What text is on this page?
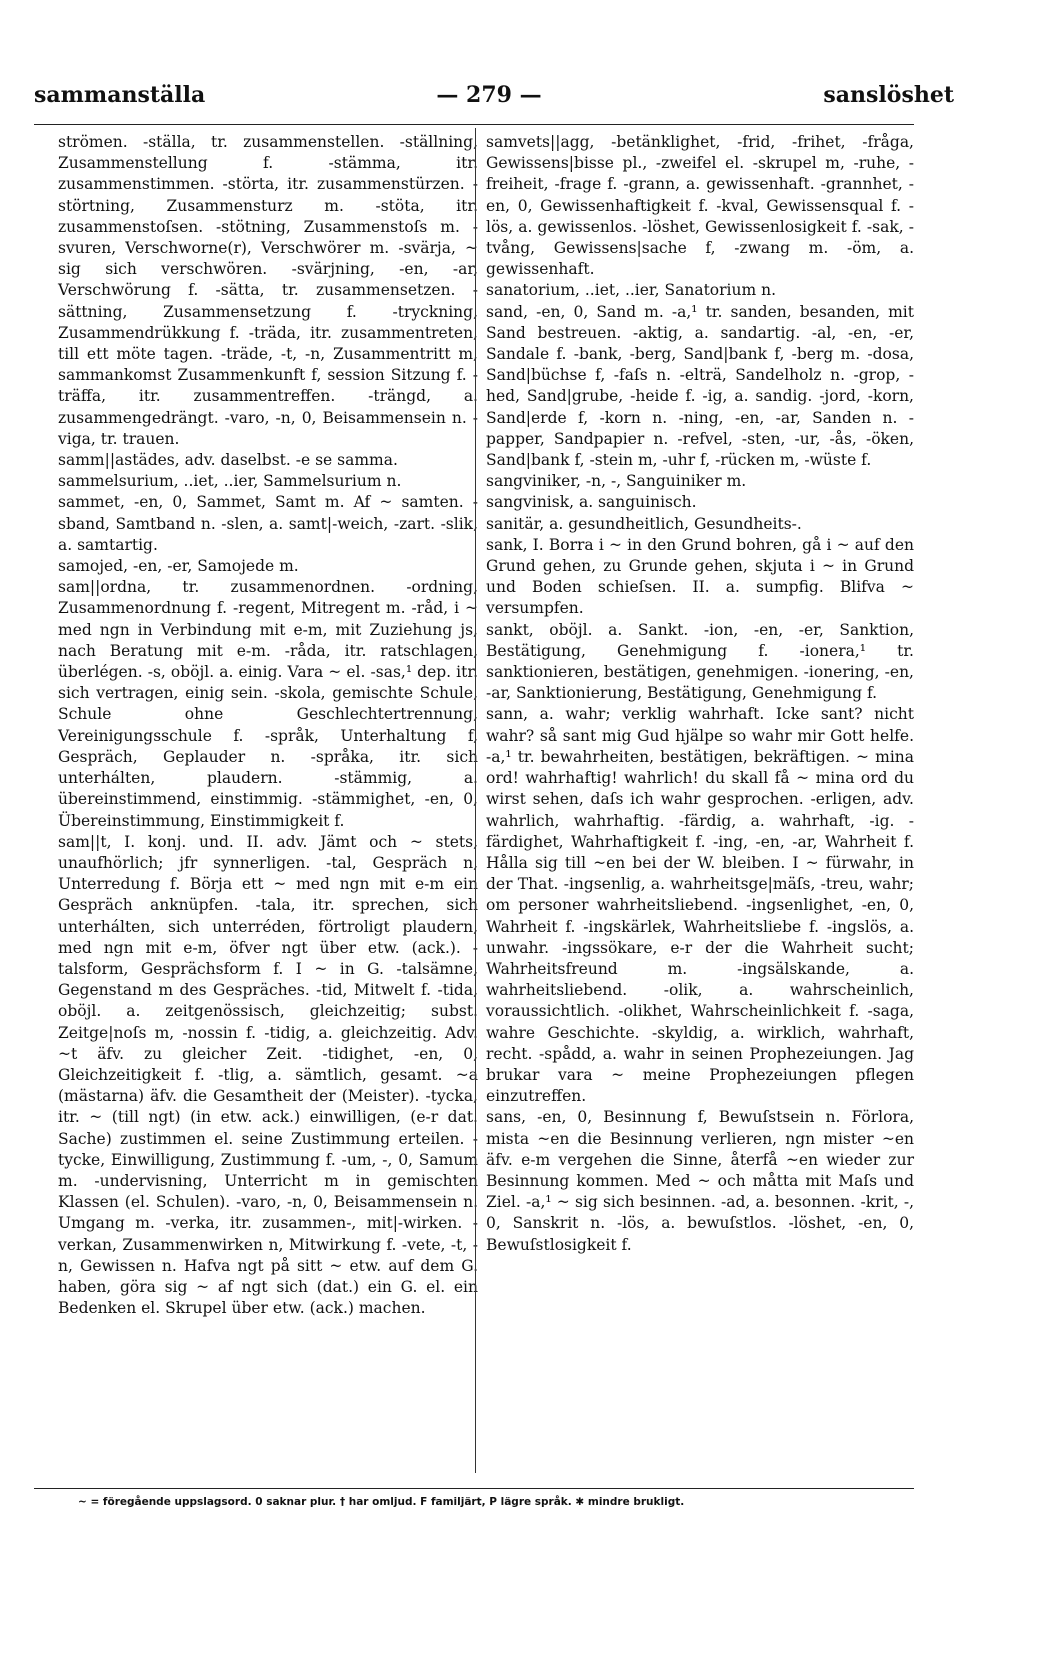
sammanställa	— 279 —	sanslöshet

strömen. -ställa, tr. zusammenstellen. -ställning, Zusammenstellung f. -stämma, itr. zusammenstimmen. -störta, itr. zusammenstürzen. -störtning, Zusammensturz m. -stöta, itr. zusammenstoſsen. -stötning, Zusammenstoſs m. -svuren, Verschworne(r), Verschwörer m. -svärja, ~ sig sich verschwören. -svärjning, -en, -ar, Verschwörung f. -sätta, tr. zusammensetzen. -sättning, Zusammensetzung f. -tryckning, Zusammendrükkung f. -träda, itr. zusammentreten, till ett möte tagen. -träde, -t, -n, Zusammentritt m, sammankomst Zusammenkunft f, session Sitzung f. -träffa, itr. zusammentreffen. -trängd, a. zusammengedrängt. -varo, -n, 0, Beisammensein n. -viga, tr. trauen.

samm||astädes, adv. daselbst. -e se samma.

sammelsurium, ..iet, ..ier, Sammelsurium n.

sammet, -en, 0, Sammet, Samt m. Af ~ samten. -sband, Samtband n. -slen, a. samt|-weich, -zart. -slik, a. samtartig.

samojed, -en, -er, Samojede m.

sam||ordna, tr. zusammenordnen. -ordning, Zusammenordnung f. -regent, Mitregent m. -råd, i ~ med ngn in Verbindung mit e-m, mit Zuziehung js, nach Beratung mit e-m. -råda, itr. ratschlagen, überlégen. -s, oböjl. a. einig. Vara ~ el. -sas,¹ dep. itr. sich vertragen, einig sein. -skola, gemischte Schule, Schule ohne Geschlechtertrennung, Vereinigungsschule f. -språk, Unterhaltung f, Gespräch, Geplauder n. -språka, itr. sich unterhálten, plaudern. -stämmig, a. übereinstimmend, einstimmig. -stämmighet, -en, 0, Übereinstimmung, Einstimmigkeit f.

sam||t, I. konj. und. II. adv. Jämt och ~ stets, unaufhörlich; jfr synnerligen. -tal, Gespräch n, Unterredung f. Börja ett ~ med ngn mit e-m ein Gespräch anknüpfen. -tala, itr. sprechen, sich unterhálten, sich unterréden, förtroligt plaudern, med ngn mit e-m, öfver ngt über etw. (ack.). -talsform, Gesprächsform f. I ~ in G. -talsämne, Gegenstand m des Gespräches. -tid, Mitwelt f. -tida, oböjl. a. zeitgenössisch, gleichzeitig; subst. Zeitge|noſs m, -nossin f. -tidig, a. gleichzeitig. Adv. ~t äfv. zu gleicher Zeit. -tidighet, -en, 0, Gleichzeitigkeit f. -tlig, a. sämtlich, gesamt. ~a (mästarna) äfv. die Gesamtheit der (Meister). -tycka, itr. ~ (till ngt) (in etw. ack.) einwilligen, (e-r dat. Sache) zustimmen el. seine Zustimmung erteilen. -tycke, Einwilligung, Zustimmung f. -um, -, 0, Samum m. -undervisning, Unterricht m in gemischten Klassen (el. Schulen). -varo, -n, 0, Beisammensein n. Umgang m. -verka, itr. zusammen-, mit|-wirken. -verkan, Zusammenwirken n, Mitwirkung f. -vete, -t, -n, Gewissen n. Hafva ngt på sitt ~ etw. auf dem G. haben, göra sig ~ af ngt sich (dat.) ein G. el. ein Bedenken el. Skrupel über etw. (ack.) machen.

samvets||agg, -betänklighet, -frid, -frihet, -fråga, Gewissens|bisse pl., -zweifel el. -skrupel m, -ruhe, -freiheit, -frage f. -grann, a. gewissenhaft. -grannhet, -en, 0, Gewissenhaftigkeit f. -kval, Gewissensqual f. -lös, a. gewissenlos. -löshet, Gewissenlosigkeit f. -sak, -tvång, Gewissens|sache f, -zwang m. -öm, a. gewissenhaft.

sanatorium, ..iet, ..ier, Sanatorium n.

sand, -en, 0, Sand m. -a,¹ tr. sanden, besanden, mit Sand bestreuen. -aktig, a. sandartig. -al, -en, -er, Sandale f. -bank, -berg, Sand|bank f, -berg m. -dosa, Sand|büchse f, -faſs n. -elträ, Sandelholz n. -grop, -hed, Sand|grube, -heide f. -ig, a. sandig. -jord, -korn, Sand|erde f, -korn n. -ning, -en, -ar, Sanden n. -papper, Sandpapier n. -refvel, -sten, -ur, -ås, -öken, Sand|bank f, -stein m, -uhr f, -rücken m, -wüste f.

sangviniker, -n, -, Sanguiniker m.

sangvinisk, a. sanguinisch.

sanitär, a. gesundheitlich, Gesundheits-.

sank, I. Borra i ~ in den Grund bohren, gå i ~ auf den Grund gehen, zu Grunde gehen, skjuta i ~ in Grund und Boden schieſsen. II. a. sumpfig. Blifva ~ versumpfen.

sankt, oböjl. a. Sankt. -ion, -en, -er, Sanktion, Bestätigung, Genehmigung f. -ionera,¹ tr. sanktionieren, bestätigen, genehmigen. -ionering, -en, -ar, Sanktionierung, Bestätigung, Genehmigung f.

sann, a. wahr; verklig wahrhaft. Icke sant? nicht wahr? så sant mig Gud hjälpe so wahr mir Gott helfe. -a,¹ tr. bewahrheiten, bestätigen, bekräftigen. ~ mina ord! wahrhaftig! wahrlich! du skall få ~ mina ord du wirst sehen, daſs ich wahr gesprochen. -erligen, adv. wahrlich, wahrhaftig. -färdig, a. wahrhaft, -ig. -färdighet, Wahrhaftigkeit f. -ing, -en, -ar, Wahrheit f. Hålla sig till ~en bei der W. bleiben. I ~ fürwahr, in der That. -ingsenlig, a. wahrheitsge|mäſs, -treu, wahr; om personer wahrheitsliebend. -ingsenlighet, -en, 0, Wahrheit f. -ingskärlek, Wahrheitsliebe f. -ingslös, a. unwahr. -ingssökare, e-r der die Wahrheit sucht; Wahrheitsfreund m. -ingsälskande, a. wahrheitsliebend. -olik, a. wahrscheinlich, voraussichtlich. -olikhet, Wahrscheinlichkeit f. -saga, wahre Geschichte. -skyldig, a. wirklich, wahrhaft, recht. -spådd, a. wahr in seinen Prophezeiungen. Jag brukar vara ~ meine Prophezeiungen pflegen einzutreffen.

sans, -en, 0, Besinnung f, Bewuſstsein n. Förlora, mista ~en die Besinnung verlieren, ngn mister ~en äfv. e-m vergehen die Sinne, återfå ~en wieder zur Besinnung kommen. Med ~ och måtta mit Maſs und Ziel. -a,¹ ~ sig sich besinnen. -ad, a. besonnen. -krit, -, 0, Sanskrit n. -lös, a. bewuſstlos. -löshet, -en, 0, Bewuſstlosigkeit f.

~ = föregående uppslagsord. 0 saknar plur. † har omljud. F familjärt, P lägre språk. ✱ mindre brukligt.
